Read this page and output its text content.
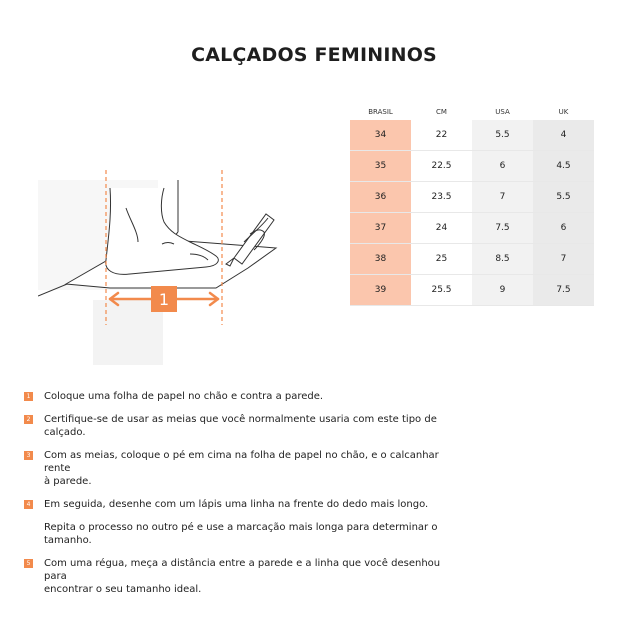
CALÇADOS FEMININOS
BRASIL	CM	USA	UK
34	22	5.5	4
35	22.5	6	4.5
36	23.5	7	5.5
37	24	7.5	6
38	25	8.5	7
39	25.5	9	7.5
1
1 Coloque uma folha de papel no chão e contra a parede.

2 Certifique-se de usar as meias que você normalmente usaria com este tipo de
calçado.

3 Com as meias, coloque o pé em cima na folha de papel no chão, e o calcanhar rente
à parede.

4 Em seguida, desenhe com um lápis uma linha na frente do dedo mais longo.

Repita o processo no outro pé e use a marcação mais longa para determinar o
tamanho.

5 Com uma régua, meça a distância entre a parede e a linha que você desenhou para
encontrar o seu tamanho ideal.
